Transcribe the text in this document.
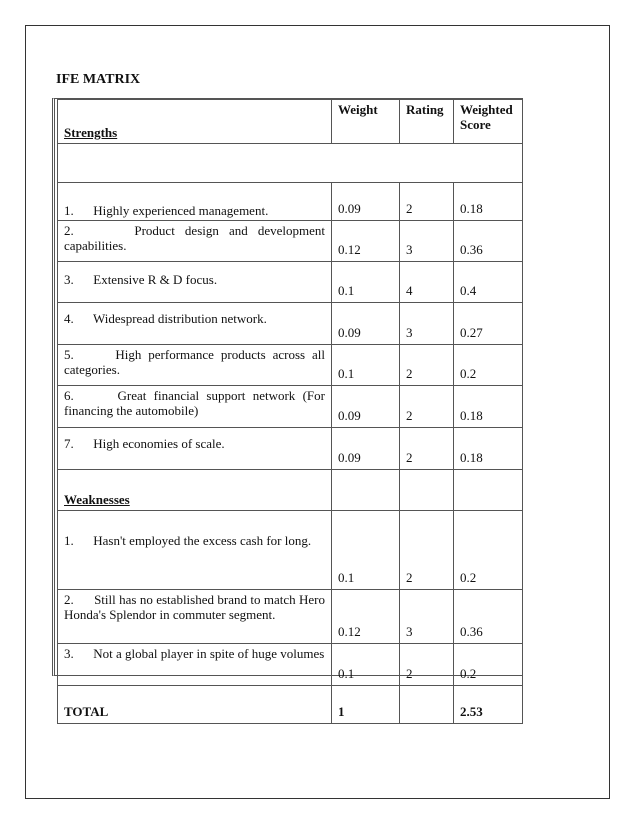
IFE MATRIX
Strengths	Weight	Rating	Weighted Score

1.      Highly experienced management.	0.09	2	0.18
2.      Product design and development capabilities.	0.12	3	0.36
3.      Extensive R & D focus.	0.1	4	0.4
4.      Widespread distribution network.	0.09	3	0.27
5.      High performance products across all categories.	0.1	2	0.2
6.      Great financial support network (For financing the automobile)	0.09	2	0.18
7.      High economies of scale.	0.09	2	0.18
Weaknesses			
1.      Hasn't employed the excess cash for long.	0.1	2	0.2
2.      Still has no established brand to match Hero Honda's Splendor in commuter segment.	0.12	3	0.36
3.      Not a global player in spite of huge volumes	0.1	2	0.2
TOTAL	1		2.53
